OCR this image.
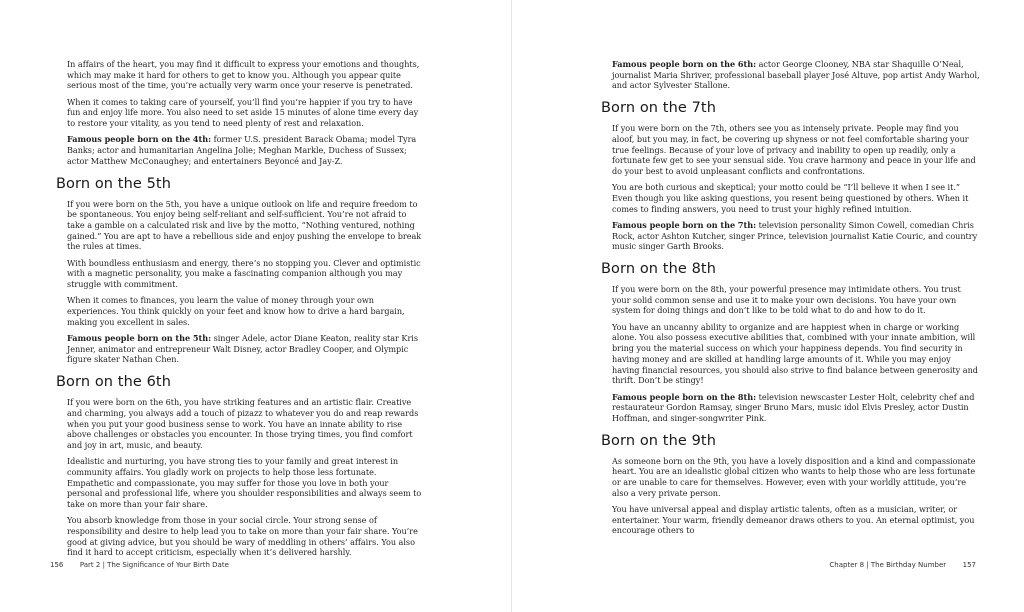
In affairs of the heart, you may find it difficult to express your emotions and thoughts, which may make it hard for others to get to know you. Although you appear quite serious most of the time, you’re actually very warm once your reserve is penetrated.

When it comes to taking care of yourself, you’ll find you’re happier if you try to have fun and enjoy life more. You also need to set aside 15 minutes of alone time every day to restore your vitality, as you tend to need plenty of rest and relaxation.

Famous people born on the 4th: former U.S. president Barack Obama; model Tyra Banks; actor and humanitarian Angelina Jolie; Meghan Markle, Duchess of Sussex; actor Matthew McConaughey; and entertainers Beyoncé and Jay-Z.

Born on the 5th

If you were born on the 5th, you have a unique outlook on life and require freedom to be spontaneous. You enjoy being self-reliant and self-sufficient. You’re not afraid to take a gamble on a calculated risk and live by the motto, “Nothing ventured, nothing gained.” You are apt to have a rebellious side and enjoy pushing the envelope to break the rules at times.

With boundless enthusiasm and energy, there’s no stopping you. Clever and optimistic with a magnetic personality, you make a fascinating companion although you may struggle with commitment.

When it comes to finances, you learn the value of money through your own experiences. You think quickly on your feet and know how to drive a hard bargain, making you excellent in sales.

Famous people born on the 5th: singer Adele, actor Diane Keaton, reality star Kris Jenner, animator and entrepreneur Walt Disney, actor Bradley Cooper, and Olympic figure skater Nathan Chen.

Born on the 6th

If you were born on the 6th, you have striking features and an artistic flair. Creative and charming, you always add a touch of pizazz to whatever you do and reap rewards when you put your good business sense to work. You have an innate ability to rise above challenges or obstacles you encounter. In those trying times, you find comfort and joy in art, music, and beauty.

Idealistic and nurturing, you have strong ties to your family and great interest in community affairs. You gladly work on projects to help those less fortunate. Empathetic and compassionate, you may suffer for those you love in both your personal and professional life, where you shoulder responsibilities and always seem to take on more than your fair share.

You absorb knowledge from those in your social circle. Your strong sense of responsibility and desire to help lead you to take on more than your fair share. You’re good at giving advice, but you should be wary of meddling in others’ affairs. You also find it hard to accept criticism, especially when it’s delivered harshly.

156 Part 2 | The Significance of Your Birth Date

Famous people born on the 6th: actor George Clooney, NBA star Shaquille O’Neal, journalist Maria Shriver, professional baseball player José Altuve, pop artist Andy Warhol, and actor Sylvester Stallone.

Born on the 7th

If you were born on the 7th, others see you as intensely private. People may find you aloof, but you may, in fact, be covering up shyness or not feel comfortable sharing your true feelings. Because of your love of privacy and inability to open up readily, only a fortunate few get to see your sensual side. You crave harmony and peace in your life and do your best to avoid unpleasant conflicts and confrontations.

You are both curious and skeptical; your motto could be “I’ll believe it when I see it.” Even though you like asking questions, you resent being questioned by others. When it comes to finding answers, you need to trust your highly refined intuition.

Famous people born on the 7th: television personality Simon Cowell, comedian Chris Rock, actor Ashton Kutcher, singer Prince, television journalist Katie Couric, and country music singer Garth Brooks.

Born on the 8th

If you were born on the 8th, your powerful presence may intimidate others. You trust your solid common sense and use it to make your own decisions. You have your own system for doing things and don’t like to be told what to do and how to do it.

You have an uncanny ability to organize and are happiest when in charge or working alone. You also possess executive abilities that, combined with your innate ambition, will bring you the material success on which your happiness depends. You find security in having money and are skilled at handling large amounts of it. While you may enjoy having financial resources, you should also strive to find balance between generosity and thrift. Don’t be stingy!

Famous people born on the 8th: television newscaster Lester Holt, celebrity chef and restaurateur Gordon Ramsay, singer Bruno Mars, music idol Elvis Presley, actor Dustin Hoffman, and singer-songwriter Pink.

Born on the 9th

As someone born on the 9th, you have a lovely disposition and a kind and compassionate heart. You are an idealistic global citizen who wants to help those who are less fortunate or are unable to care for themselves. However, even with your worldly attitude, you’re also a very private person.

You have universal appeal and display artistic talents, often as a musician, writer, or entertainer. Your warm, friendly demeanor draws others to you. An eternal optimist, you encourage others to

Chapter 8 | The Birthday Number 157
